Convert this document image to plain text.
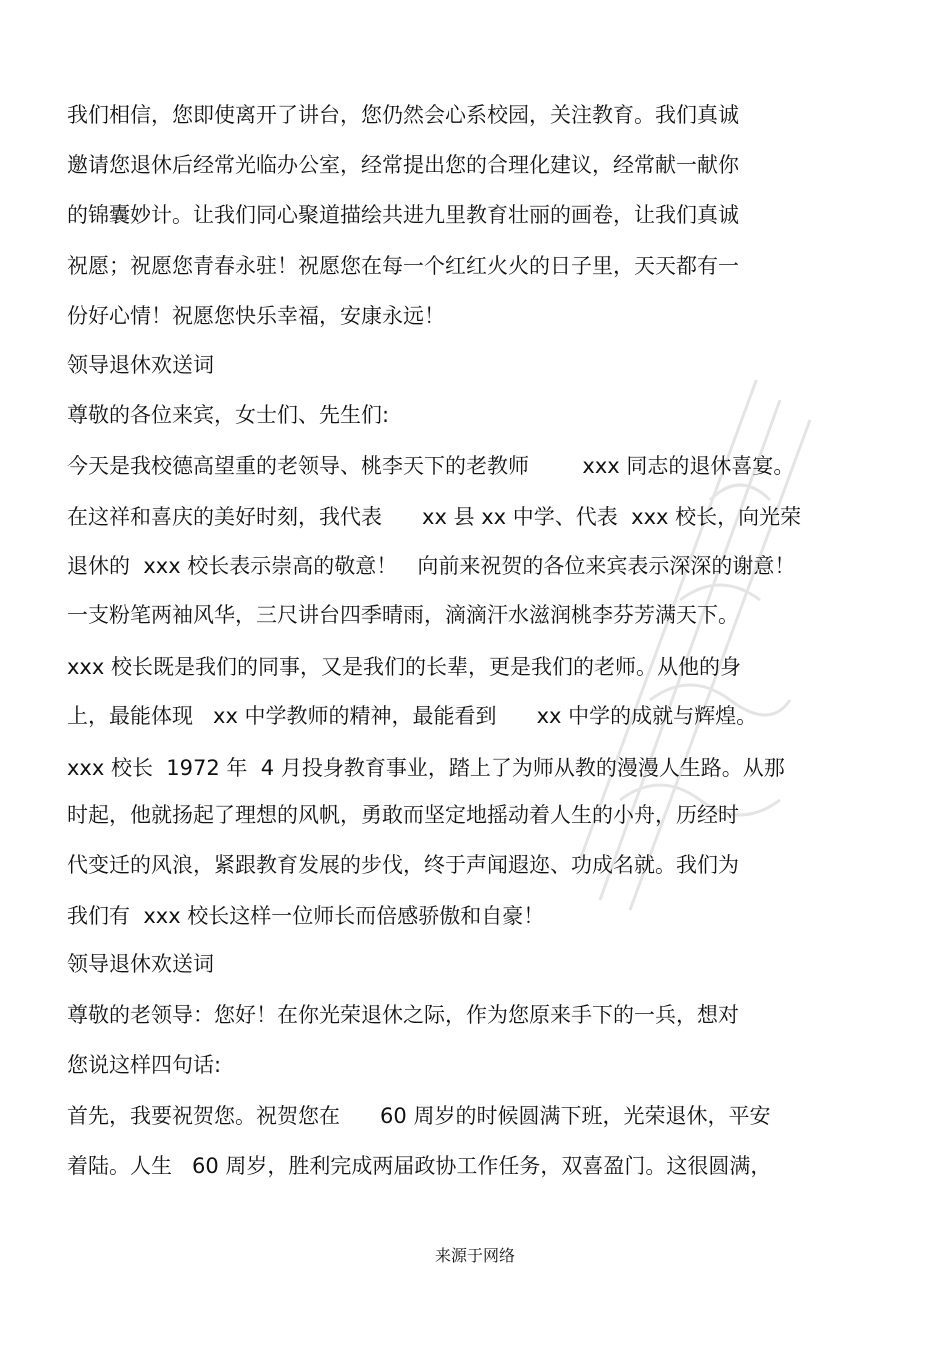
我们相信，您即使离开了讲台，您仍然会心系校园，关注教育。我们真诚
邀请您退休后经常光临办公室，经常提出您的合理化建议，经常献一献你
的锦囊妙计。让我们同心聚道描绘共进九里教育壮丽的画卷，让我们真诚
祝愿；祝愿您青春永驻！祝愿您在每一个红红火火的日子里，天天都有一
份好心情！祝愿您快乐幸福，安康永远！
领导退休欢送词
尊敬的各位来宾，女士们、先生们:
今天是我校德高望重的老领导、桃李天下的老教师        xxx 同志的退休喜宴。
在这祥和喜庆的美好时刻，我代表      xx 县 xx 中学、代表  xxx 校长，向光荣
退休的  xxx 校长表示崇高的敬意！   向前来祝贺的各位来宾表示深深的谢意！
一支粉笔两袖风华，三尺讲台四季晴雨，滴滴汗水滋润桃李芬芳满天下。
xxx 校长既是我们的同事，又是我们的长辈，更是我们的老师。从他的身
上，最能体现   xx 中学教师的精神，最能看到      xx 中学的成就与辉煌。
xxx 校长  1972 年  4 月投身教育事业，踏上了为师从教的漫漫人生路。从那
时起，他就扬起了理想的风帆，勇敢而坚定地摇动着人生的小舟，历经时
代变迁的风浪，紧跟教育发展的步伐，终于声闻遐迩、功成名就。我们为
我们有  xxx 校长这样一位师长而倍感骄傲和自豪！
领导退休欢送词
尊敬的老领导：您好！在你光荣退休之际，作为您原来手下的一兵，想对
您说这样四句话:
首先，我要祝贺您。祝贺您在      60 周岁的时候圆满下班，光荣退休，平安
着陆。人生   60 周岁，胜利完成两届政协工作任务，双喜盈门。这很圆满，
来源于网络
